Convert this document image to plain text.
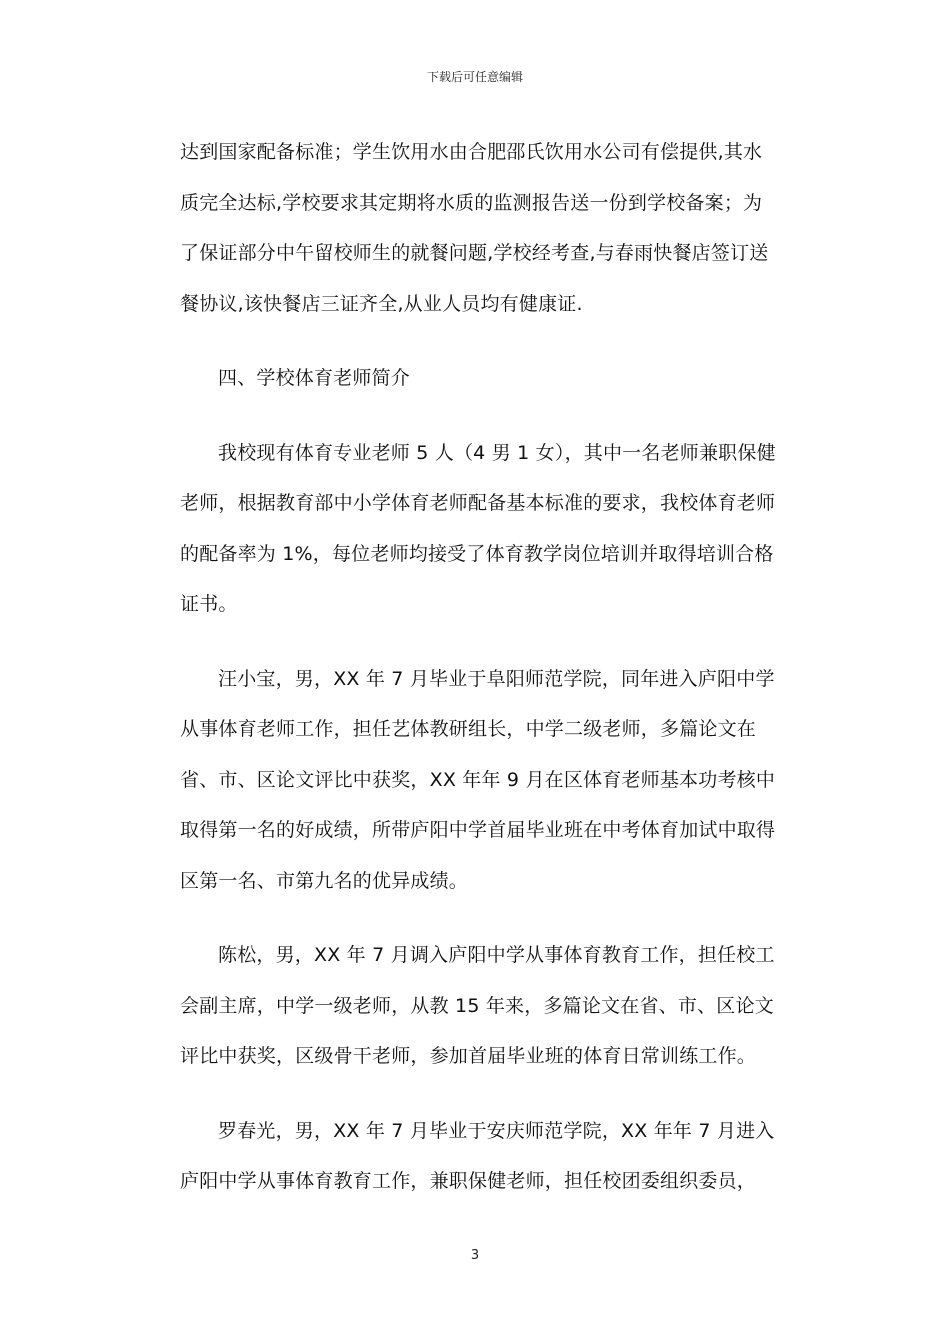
下载后可任意编辑

达到国家配备标准；学生饮用水由合肥邵氏饮用水公司有偿提供,其水质完全达标,学校要求其定期将水质的监测报告送一份到学校备案；为了保证部分中午留校师生的就餐问题,学校经考查,与春雨快餐店签订送餐协议,该快餐店三证齐全,从业人员均有健康证.

四、学校体育老师简介

我校现有体育专业老师 5 人（4 男 1 女），其中一名老师兼职保健老师，根据教育部中小学体育老师配备基本标准的要求，我校体育老师的配备率为 1%，每位老师均接受了体育教学岗位培训并取得培训合格证书。

汪小宝，男，XX 年 7 月毕业于阜阳师范学院，同年进入庐阳中学从事体育老师工作，担任艺体教研组长，中学二级老师，多篇论文在省、市、区论文评比中获奖，XX 年年 9 月在区体育老师基本功考核中取得第一名的好成绩，所带庐阳中学首届毕业班在中考体育加试中取得区第一名、市第九名的优异成绩。

陈松，男，XX 年 7 月调入庐阳中学从事体育教育工作，担任校工会副主席，中学一级老师，从教 15 年来，多篇论文在省、市、区论文评比中获奖，区级骨干老师，参加首届毕业班的体育日常训练工作。

罗春光，男，XX 年 7 月毕业于安庆师范学院，XX 年年 7 月进入庐阳中学从事体育教育工作，兼职保健老师，担任校团委组织委员，

3
